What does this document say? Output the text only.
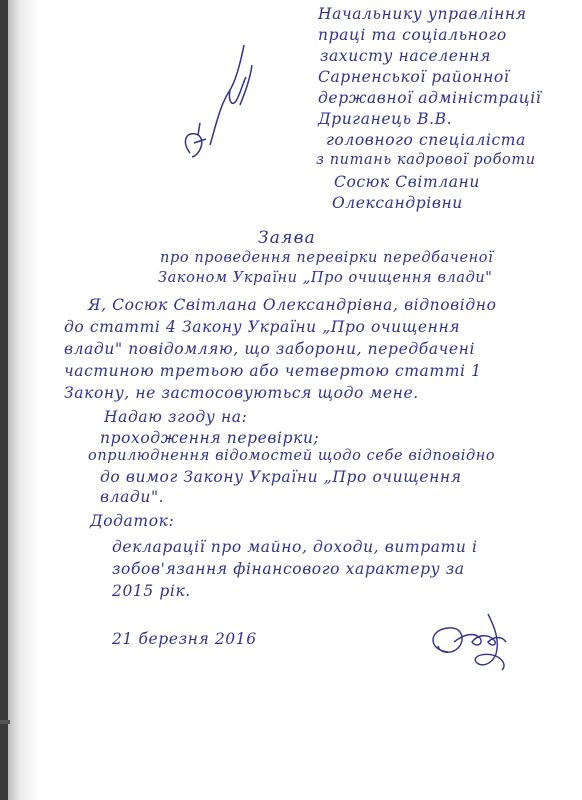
Начальнику управління
праці та соціального
захисту населення
Сарненської районної
державної адміністрації
Дриганець В.В.
головного спеціаліста
з питань кадрової роботи
Сосюк Світлани
Олександрівни
Заява
про проведення перевірки передбаченої
Законом України „Про очищення влади"
Я, Сосюк Світлана Олександрівна, відповідно
до статті 4 Закону України „Про очищення
влади" повідомляю, що заборони, передбачені
частиною третьою або четвертою статті 1
Закону, не застосовуються щодо мене.
Надаю згоду на:
проходження перевірки;
оприлюднення відомостей щодо себе відповідно
до вимог Закону України „Про очищення
влади".
Додаток:
декларації про майно, доходи, витрати і
зобов'язання фінансового характеру за
2015 рік.
21 березня 2016
